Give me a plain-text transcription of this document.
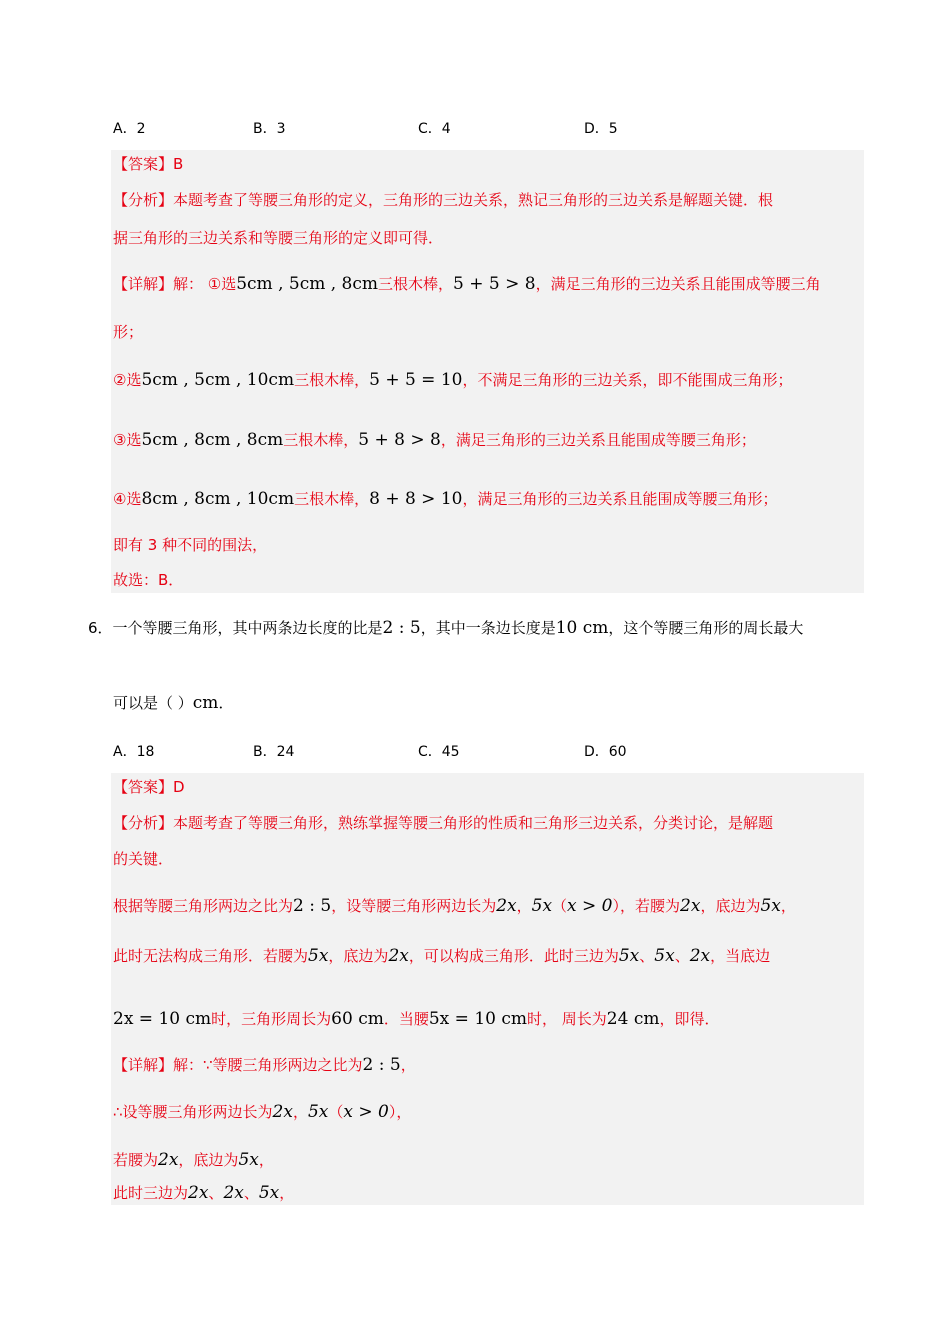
A．2	B．3	C．4	D．5
【答案】B
【分析】本题考查了等腰三角形的定义，三角形的三边关系，熟记三角形的三边关系是解题关键．根
据三角形的三边关系和等腰三角形的定义即可得．
【详解】解： ①选5cm , 5cm , 8cm三根木棒，5 + 5 > 8，满足三角形的三边关系且能围成等腰三角
形；
②选5cm , 5cm , 10cm三根木棒，5 + 5 = 10，不满足三角形的三边关系，即不能围成三角形；
③选5cm , 8cm , 8cm三根木棒，5 + 8 > 8，满足三角形的三边关系且能围成等腰三角形；
④选8cm , 8cm , 10cm三根木棒，8 + 8 > 10，满足三角形的三边关系且能围成等腰三角形；
即有 3 种不同的围法，
故选：B．
6．一个等腰三角形，其中两条边长度的比是2 : 5，其中一条边长度是10 cm，这个等腰三角形的周长最大
可以是（ ）cm．
A．18	B．24	C．45	D．60
【答案】D
【分析】本题考查了等腰三角形，熟练掌握等腰三角形的性质和三角形三边关系，分类讨论，是解题
的关键．
根据等腰三角形两边之比为2 : 5，设等腰三角形两边长为2x，5x（x > 0），若腰为2x，底边为5x，
此时无法构成三角形．若腰为5x，底边为2x，可以构成三角形．此时三边为5x、5x、2x，当底边
2x = 10 cm时，三角形周长为60 cm．当腰5x = 10 cm时， 周长为24 cm，即得．
【详解】解：∵等腰三角形两边之比为2 : 5，
∴设等腰三角形两边长为2x，5x（x > 0），
若腰为2x，底边为5x，
此时三边为2x、2x、5x，
